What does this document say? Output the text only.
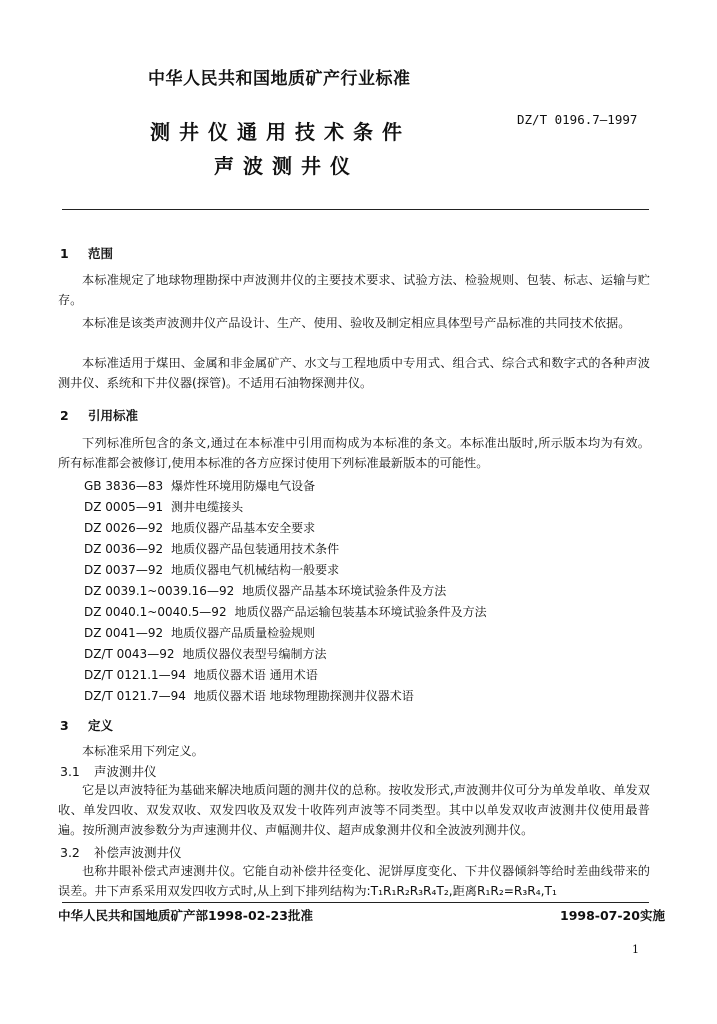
中华人民共和国地质矿产行业标准
DZ/T 0196.7—1997
测井仪通用技术条件
声波测井仪
1 范围

本标准规定了地球物理勘探中声波测井仪的主要技术要求、试验方法、检验规则、包装、标志、运输与贮存。

本标准是该类声波测井仪产品设计、生产、使用、验收及制定相应具体型号产品标准的共同技术依据。

本标准适用于煤田、金属和非金属矿产、水文与工程地质中专用式、组合式、综合式和数字式的各种声波测井仪、系统和下井仪器(探管)。不适用石油物探测井仪。

2 引用标准

下列标准所包含的条文,通过在本标准中引用而构成为本标准的条文。本标准出版时,所示版本均为有效。所有标准都会被修订,使用本标准的各方应探讨使用下列标准最新版本的可能性。

GB 3836—83 爆炸性环境用防爆电气设备
DZ 0005—91 测井电缆接头
DZ 0026—92 地质仪器产品基本安全要求
DZ 0036—92 地质仪器产品包装通用技术条件
DZ 0037—92 地质仪器电气机械结构一般要求
DZ 0039.1~0039.16—92 地质仪器产品基本环境试验条件及方法
DZ 0040.1~0040.5—92 地质仪器产品运输包装基本环境试验条件及方法
DZ 0041—92 地质仪器产品质量检验规则
DZ/T 0043—92 地质仪器仪表型号编制方法
DZ/T 0121.1—94 地质仪器术语 通用术语
DZ/T 0121.7—94 地质仪器术语 地球物理勘探测井仪器术语
3 定义

本标准采用下列定义。

3.1 声波测井仪

它是以声波特征为基础来解决地质问题的测井仪的总称。按收发形式,声波测井仪可分为单发单收、单发双收、单发四收、双发双收、双发四收及双发十收阵列声波等不同类型。其中以单发双收声波测井仪使用最普遍。按所测声波参数分为声速测井仪、声幅测井仪、超声成象测井仪和全波波列测井仪。

3.2 补偿声波测井仪

也称井眼补偿式声速测井仪。它能自动补偿井径变化、泥饼厚度变化、下井仪器倾斜等给时差曲线带来的误差。井下声系采用双发四收方式时,从上到下排列结构为:T₁R₁R₂R₃R₄T₂,距离R₁R₂=R₃R₄,T₁

中华人民共和国地质矿产部1998-02-23批准	1998-07-20实施
1
